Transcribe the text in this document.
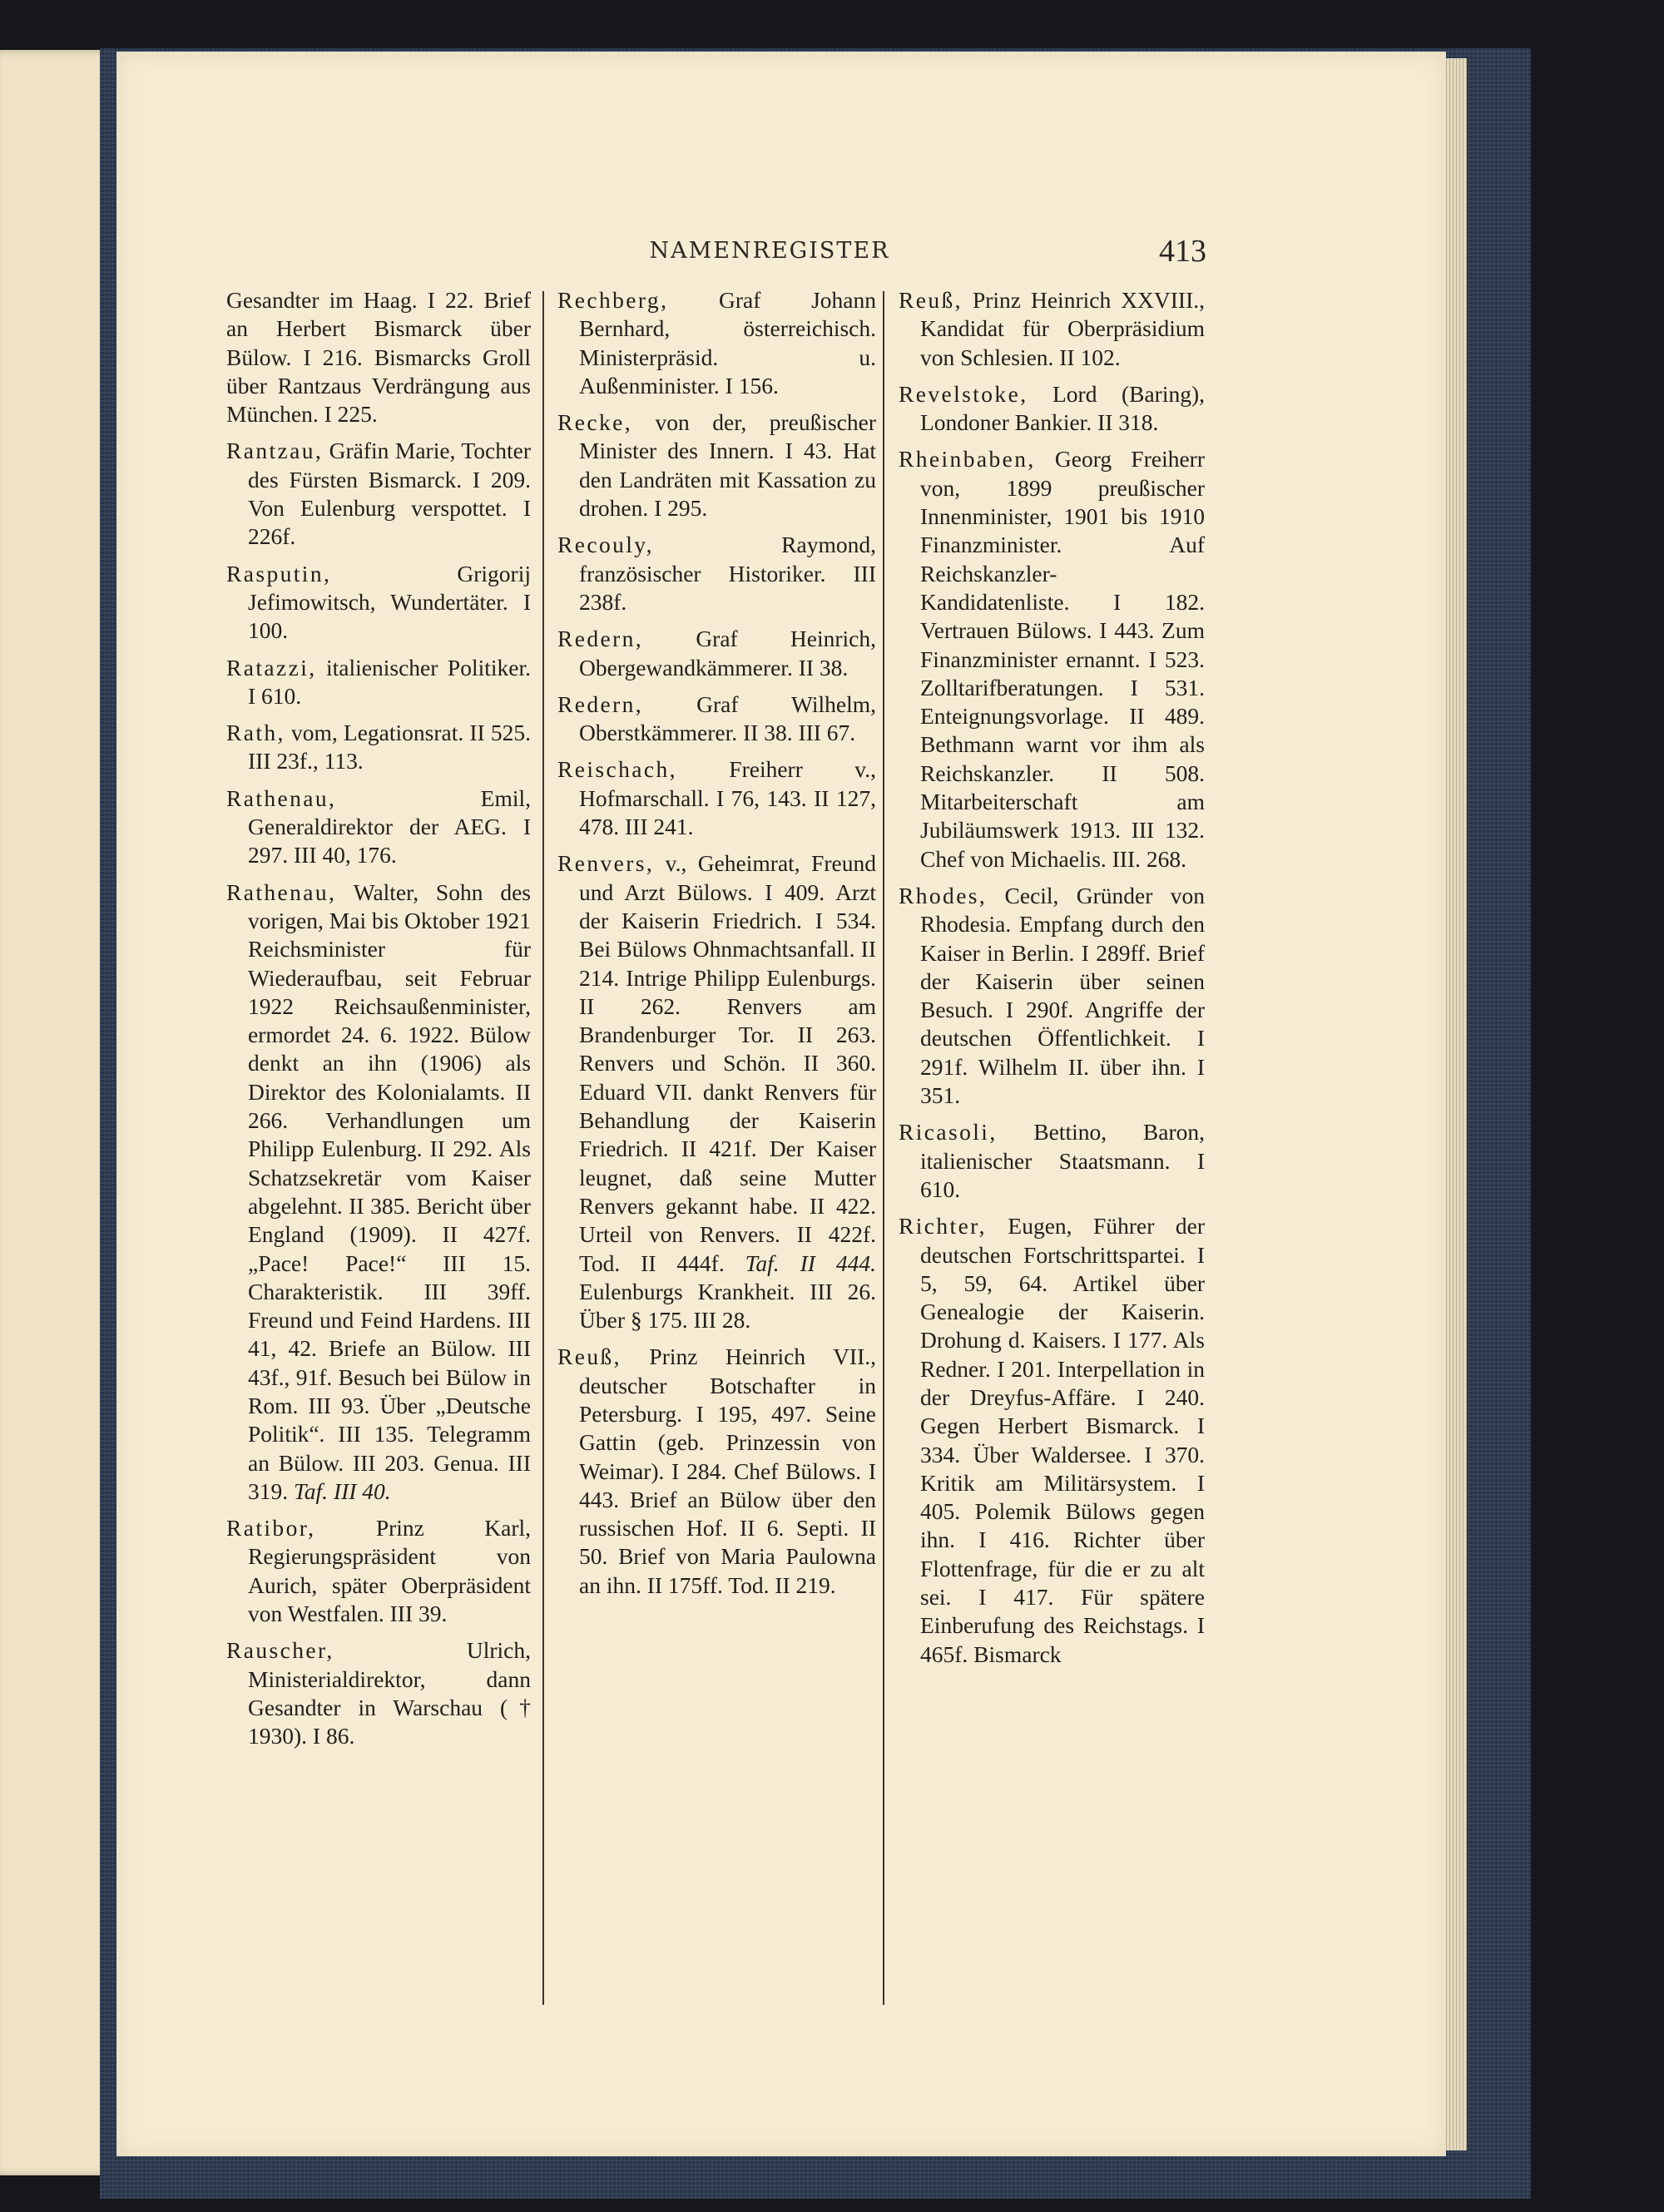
NAMENREGISTER	413

Gesandter im Haag. I 22. Brief an Herbert Bismarck über Bülow. I 216. Bismarcks Groll über Rantzaus Verdrängung aus München. I 225.

Rantzau, Gräfin Marie, Tochter des Fürsten Bismarck. I 209. Von Eulenburg verspottet. I 226f.

Rasputin, Grigorij Jefimowitsch, Wundertäter. I 100.

Ratazzi, italienischer Politiker. I 610.

Rath, vom, Legationsrat. II 525. III 23f., 113.

Rathenau, Emil, Generaldirektor der AEG. I 297. III 40, 176.

Rathenau, Walter, Sohn des vorigen, Mai bis Oktober 1921 Reichsminister für Wiederaufbau, seit Februar 1922 Reichsaußenminister, ermordet 24. 6. 1922. Bülow denkt an ihn (1906) als Direktor des Kolonialamts. II 266. Verhandlungen um Philipp Eulenburg. II 292. Als Schatzsekretär vom Kaiser abgelehnt. II 385. Bericht über England (1909). II 427f. „Pace! Pace!“ III 15. Charakteristik. III 39ff. Freund und Feind Hardens. III 41, 42. Briefe an Bülow. III 43f., 91f. Besuch bei Bülow in Rom. III 93. Über „Deutsche Politik“. III 135. Telegramm an Bülow. III 203. Genua. III 319. Taf. III 40.

Ratibor, Prinz Karl, Regierungspräsident von Aurich, später Oberpräsident von Westfalen. III 39.

Rauscher, Ulrich, Ministerialdirektor, dann Gesandter in Warschau († 1930). I 86.

Rechberg, Graf Johann Bernhard, österreichisch. Ministerpräsid. u. Außenminister. I 156.

Recke, von der, preußischer Minister des Innern. I 43. Hat den Landräten mit Kassation zu drohen. I 295.

Recouly, Raymond, französischer Historiker. III 238f.

Redern, Graf Heinrich, Obergewandkämmerer. II 38.

Redern, Graf Wilhelm, Oberstkämmerer. II 38. III 67.

Reischach, Freiherr v., Hofmarschall. I 76, 143. II 127, 478. III 241.

Renvers, v., Geheimrat, Freund und Arzt Bülows. I 409. Arzt der Kaiserin Friedrich. I 534. Bei Bülows Ohnmachtsanfall. II 214. Intrige Philipp Eulenburgs. II 262. Renvers am Brandenburger Tor. II 263. Renvers und Schön. II 360. Eduard VII. dankt Renvers für Behandlung der Kaiserin Friedrich. II 421f. Der Kaiser leugnet, daß seine Mutter Renvers gekannt habe. II 422. Urteil von Renvers. II 422f. Tod. II 444f. Taf. II 444. Eulenburgs Krankheit. III 26. Über § 175. III 28.

Reuß, Prinz Heinrich VII., deutscher Botschafter in Petersburg. I 195, 497. Seine Gattin (geb. Prinzessin von Weimar). I 284. Chef Bülows. I 443. Brief an Bülow über den russischen Hof. II 6. Septi. II 50. Brief von Maria Paulowna an ihn. II 175ff. Tod. II 219.

Reuß, Prinz Heinrich XXVIII., Kandidat für Oberpräsidium von Schlesien. II 102.

Revelstoke, Lord (Baring), Londoner Bankier. II 318.

Rheinbaben, Georg Freiherr von, 1899 preußischer Innenminister, 1901 bis 1910 Finanzminister. Auf Reichskanzler-Kandidatenliste. I 182. Vertrauen Bülows. I 443. Zum Finanzminister ernannt. I 523. Zolltarifberatungen. I 531. Enteignungsvorlage. II 489. Bethmann warnt vor ihm als Reichskanzler. II 508. Mitarbeiterschaft am Jubiläumswerk 1913. III 132. Chef von Michaelis. III. 268.

Rhodes, Cecil, Gründer von Rhodesia. Empfang durch den Kaiser in Berlin. I 289ff. Brief der Kaiserin über seinen Besuch. I 290f. Angriffe der deutschen Öffentlichkeit. I 291f. Wilhelm II. über ihn. I 351.

Ricasoli, Bettino, Baron, italienischer Staatsmann. I 610.

Richter, Eugen, Führer der deutschen Fortschrittspartei. I 5, 59, 64. Artikel über Genealogie der Kaiserin. Drohung d. Kaisers. I 177. Als Redner. I 201. Interpellation in der Dreyfus-Affäre. I 240. Gegen Herbert Bismarck. I 334. Über Waldersee. I 370. Kritik am Militärsystem. I 405. Polemik Bülows gegen ihn. I 416. Richter über Flottenfrage, für die er zu alt sei. I 417. Für spätere Einberufung des Reichstags. I 465f. Bismarck
